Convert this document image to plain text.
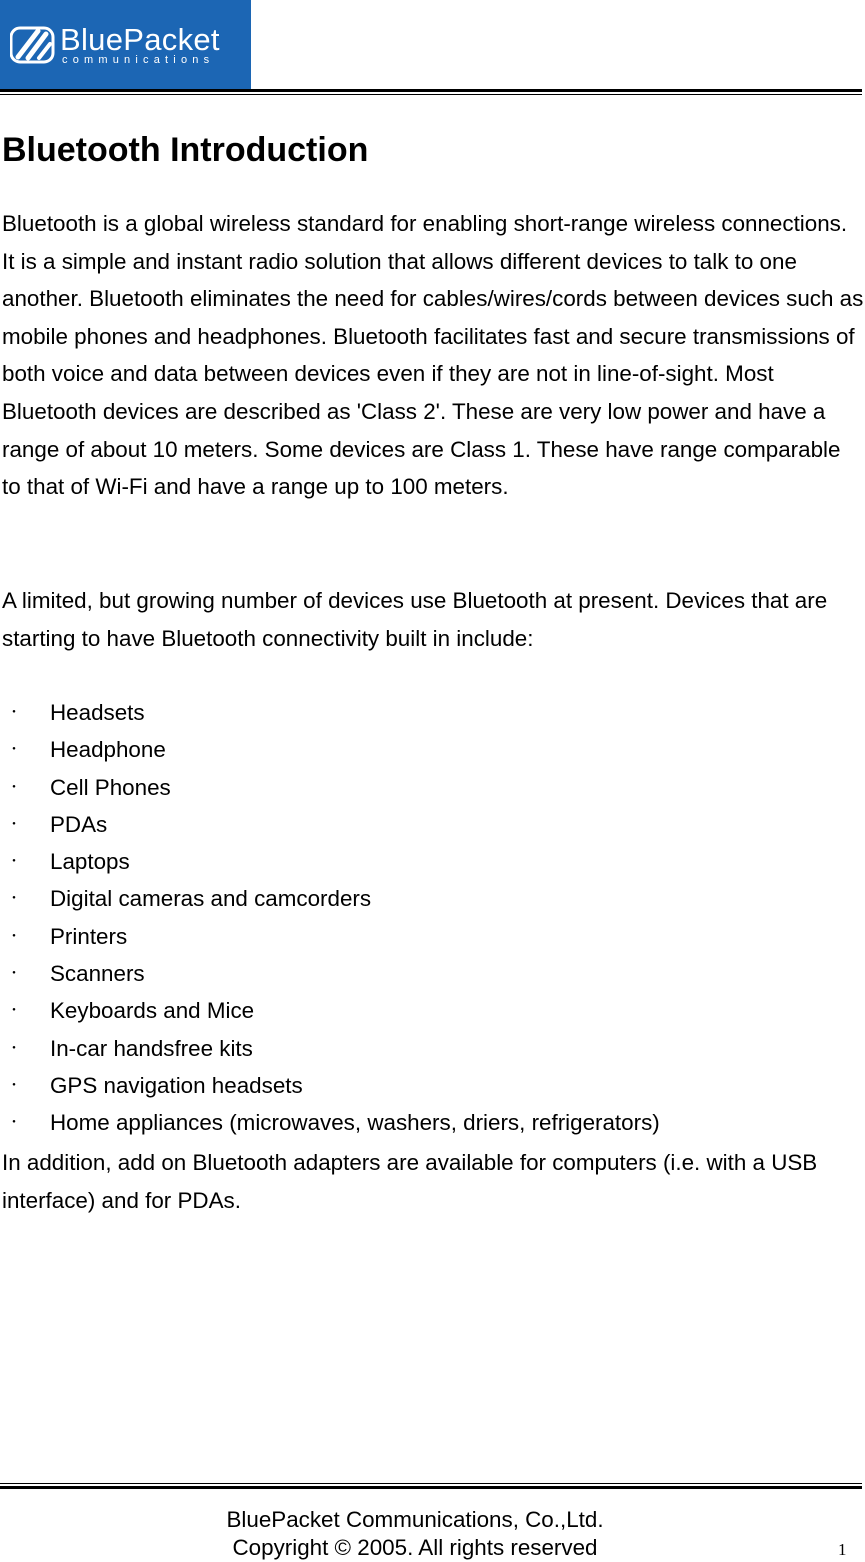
BluePacket
communications
Bluetooth Introduction

Bluetooth is a global wireless standard for enabling short-range wireless connections. It is a simple and instant radio solution that allows different devices to talk to one another. Bluetooth eliminates the need for cables/wires/cords between devices such as mobile phones and headphones. Bluetooth facilitates fast and secure transmissions of both voice and data between devices even if they are not in line-of-sight. Most Bluetooth devices are described as 'Class 2'. These are very low power and have a range of about 10 meters. Some devices are Class 1. These have range comparable to that of Wi-Fi and have a range up to 100 meters.

A limited, but growing number of devices use Bluetooth at present. Devices that are starting to have Bluetooth connectivity built in include:

・ Headsets
・ Headphone
・ Cell Phones
・ PDAs
・ Laptops
・ Digital cameras and camcorders
・ Printers
・ Scanners
・ Keyboards and Mice
・ In-car handsfree kits
・ GPS navigation headsets
・ Home appliances (microwaves, washers, driers, refrigerators)

In addition, add on Bluetooth adapters are available for computers (i.e. with a USB interface) and for PDAs.

BluePacket Communications, Co.,Ltd.
Copyright © 2005. All rights reserved	1
